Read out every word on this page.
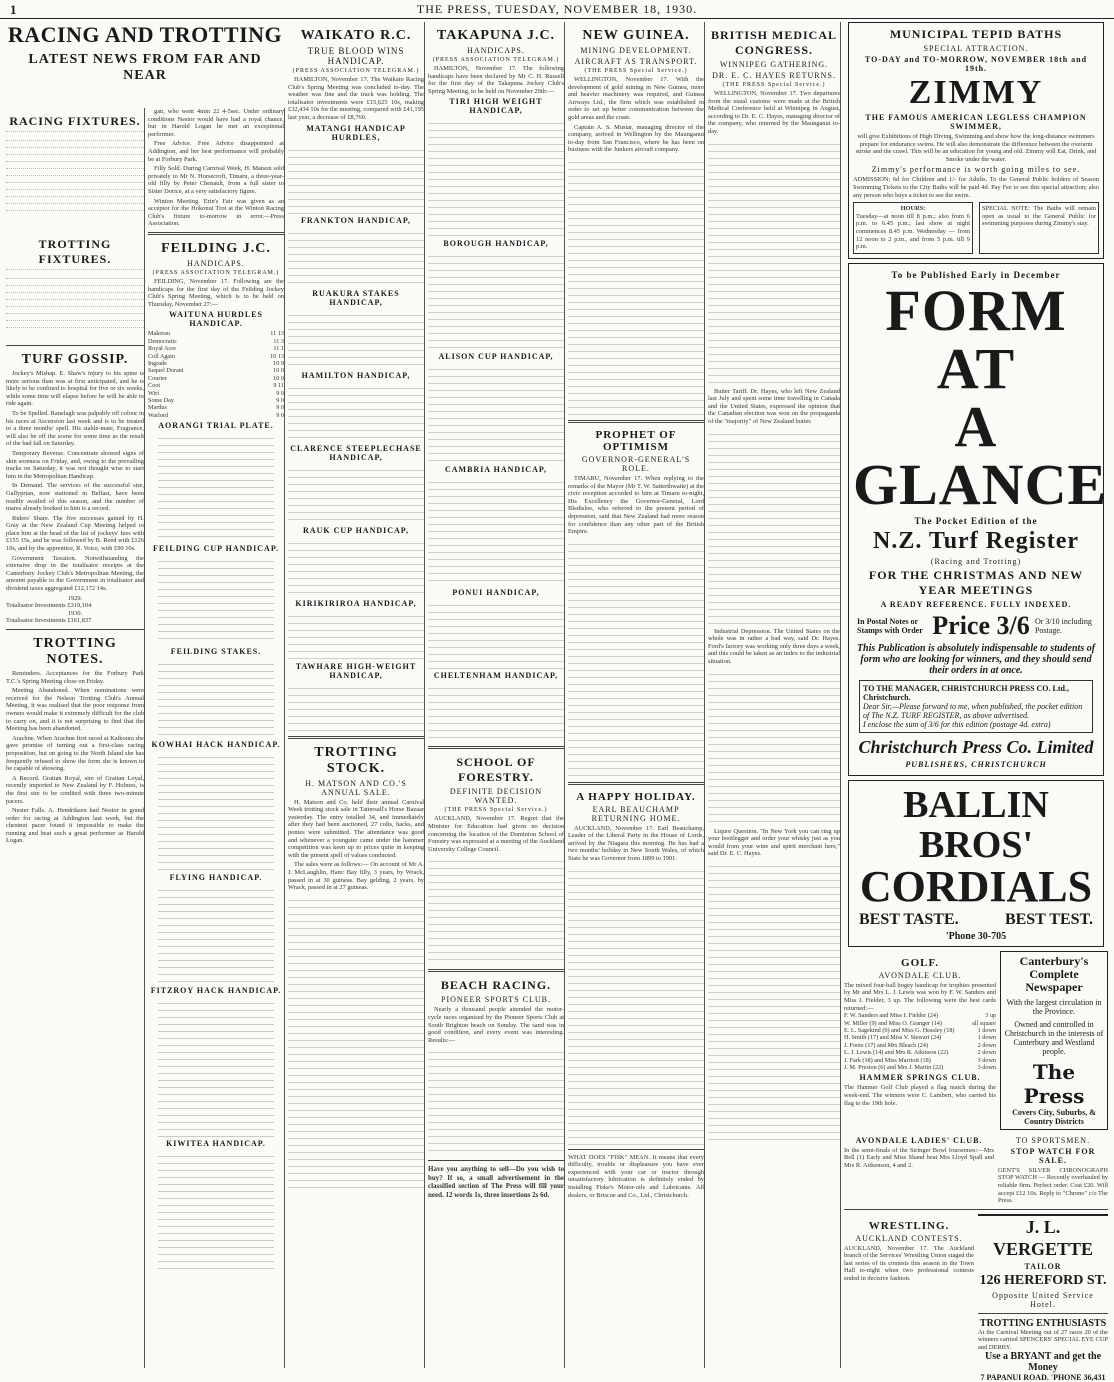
1	THE PRESS, TUESDAY, NOVEMBER 18, 1930.
RACING AND TROTTING
LATEST NEWS FROM FAR AND NEAR
RACING FIXTURES.
TROTTING FIXTURES.
TURF GOSSIP.

Jockey's Mishap. E. Shaw's injury to his spine is more serious than was at first anticipated, and he is likely to be confined to hospital for five or six weeks, while some time will elapse before he will be able to ride again.

To be Spelled. Ranelagh was palpably off colour in his races at Ascension last week and is to be treated to a three months' spell. His stable-mate, Fragrance, will also be off the scene for some time as the result of the bad fall on Saturday.

Temporary Reverse. Concentrate showed signs of skin soreness on Friday, and, owing to the prevailing tracks on Saturday, it was not thought wise to start him in the Metropolitan Handicap.

In Demand. The services of the successful sire, Gallyprian, now stationed in Belfast, have been readily availed of this season, and the number of mares already booked to him is a record.

Riders' Share. The five successes gained by H. Gray at the New Zealand Cup Meeting helped to place him at the head of the list of jockeys' fees with £155 15s, and he was followed by B. Reed with £126 10s, and by the apprentice, R. Voice, with £90 10s.

Government Taxation. Notwithstanding the extensive drop in the totalisator receipts at the Canterbury Jockey Club's Metropolitan Meeting, the amount payable to the Government in totalisator and dividend taxes aggregated £12,172 14s.

1929.
Totalisator Investments £319,104
1930.
Totalisator Investments £161,837
TROTTING NOTES.

Reminders. Acceptances for the Forbury Park T.C.'s Spring Meeting close on Friday.

Meeting Abandoned. When nominations were received for the Nelson Trotting Club's Annual Meeting, it was realised that the poor response from owners would make it extremely difficult for the club to carry on, and it is not surprising to find that the Meeting has been abandoned.

Arachne. When Arachne first raced at Kaikoura she gave promise of turning out a first-class racing proposition, but on going to the North Island she has frequently refused to show the form she is known to be capable of showing.

A Record. Grattan Royal, sire of Grattan Loyal, recently imported to New Zealand by F. Holmes, is the first sire to be credited with three two-minute pacers.

Nester Falls. A. Hendriksen had Nestor in grand order for racing at Addington last week, but the chestnut pacer found it impossible to make the running and beat such a great performer as Harold Logan.

gan, who went 4min 22 4-5sec. Under ordinary conditions Nestor would have had a royal chance, but in Harold Logan he met an exceptional performer.

Free Advice. Free Advice disappointed at Addington, and her best performance will probably be at Forbury Park.

Filly Sold. During Carnival Week, H. Matson sold privately to Mr N. Horsecroft, Timaru, a three-year-old filly by Peter Chenault, from a full sister to Sister Dorice, at a very satisfactory figure.

Winton Meeting. Erin's Fair was given as an acceptor for the Hokonui Trot at the Winton Racing Club's fixture to-morrow in error.—Press Association.

FEILDING J.C.
HANDICAPS.
(PRESS ASSOCIATION TELEGRAM.)

FEILDING, November 17. Following are the handicaps for the first day of the Feilding Jockey Club's Spring Meeting, which is to be held on Thursday, November 27:—

WAITUNA HURDLES HANDICAP.
Makerau	11 13
Democratic	11 3
Royal Acre	11 1
Coll Again	10 13
Ingrade	10 9
Sequel Dorani	10 0
Courier	10 0
Coot	9 11
Wiri	9 0
Some Day	9 0
Mardus	9 0
Warlord	9 0
AORANGI TRIAL PLATE.
FEILDING CUP HANDICAP.
FEILDING STAKES.
KOWHAI HACK HANDICAP.
FLYING HANDICAP.
FITZROY HACK HANDICAP.
KIWITEA HANDICAP.
WAIKATO R.C.
TRUE BLOOD WINS HANDICAP.
(PRESS ASSOCIATION TELEGRAM.)

HAMILTON, November 17. The Waikato Racing Club's Spring Meeting was concluded to-day. The weather was fine and the track was holding. The totalisator investments were £15,625 10s, making £32,434 10s for the meeting, compared with £41,195 last year, a decrease of £8,760.

MATANGI HANDICAP HURDLES,
FRANKTON HANDICAP,
RUAKURA STAKES HANDICAP,
HAMILTON HANDICAP,
CLARENCE STEEPLECHASE HANDICAP,
RAUK CUP HANDICAP,
KIRIKIRIROA HANDICAP,
TAWHARE HIGH-WEIGHT HANDICAP,
TROTTING STOCK.
H. MATSON AND CO.'S ANNUAL SALE.

H. Matson and Co. held their annual Carnival Week trotting stock sale in Tattersall's Horse Bazaar yesterday. The entry totalled 34, and immediately after they had been auctioned, 27 colts, hacks, and ponies were submitted. The attendance was good and whenever a youngster came under the hammer competition was keen up to prices quite in keeping with the present spell of values conducted.

The sales were as follows:— On account of Mr A. J. McLaughlin, Ham: Bay filly, 3 years, by Wrack, passed in at 30 guineas. Bay gelding, 2 years, by Wrack, passed in at 27 guineas.

TAKAPUNA J.C.
HANDICAPS.
(PRESS ASSOCIATION TELEGRAM.)

HAMILTON, November 17. The following handicaps have been declared by Mr C. H. Russell for the first day of the Takapuna Jockey Club's Spring Meeting, to be held on November 29th:—

TIRI HIGH WEIGHT HANDICAP,
BOROUGH HANDICAP,
ALISON CUP HANDICAP,
CAMBRIA HANDICAP,
PONUI HANDICAP,
CHELTENHAM HANDICAP,
SCHOOL OF FORESTRY.
DEFINITE DECISION WANTED.
(THE PRESS Special Service.)

AUCKLAND, November 17. Regret that the Minister for Education had given no decision concerning the location of the Dominion School of Forestry was expressed at a meeting of the Auckland University College Council.

BEACH RACING.
PIONEER SPORTS CLUB.

Nearly a thousand people attended the motor-cycle races organised by the Pioneer Sports Club at South Brighton beach on Sunday. The sand was in good condition, and every event was interesting. Results:—

Have you anything to sell—Do you wish to buy? If so, a small advertisement in the classified section of The Press will fill your need. 12 words 1s, three insertions 2s 6d.
NEW GUINEA.
MINING DEVELOPMENT.
AIRCRAFT AS TRANSPORT.
(THE PRESS Special Service.)

WELLINGTON, November 17. With the development of gold mining in New Guinea, more and heavier machinery was required, and Guinea Airways Ltd., the firm which was established in order to set up better communication between the gold areas and the coast.

Captain A. S. Mustar, managing director of the company, arrived in Wellington by the Maunganui to-day from San Francisco, where he has been on business with the Junkers aircraft company.

PROPHET OF OPTIMISM
GOVERNOR-GENERAL'S ROLE.

TIMARU, November 17. When replying to the remarks of the Mayor (Mr T. W. Satterthwaite) at the civic reception accorded to him at Timaru to-night, His Excellency the Governor-General, Lord Bledisloe, who referred to the present period of depression, said that New Zealand had more reason for confidence than any other part of the British Empire.

A HAPPY HOLIDAY.
EARL BEAUCHAMP RETURNING HOME.

AUCKLAND, November 17. Earl Beauchamp, Leader of the Liberal Party in the House of Lords, arrived by the Niagara this morning. He has had a two months' holiday in New South Wales, of which State he was Governor from 1899 to 1901.

WHAT DOES "FISK" MEAN. It means that every difficulty, trouble or displeasure you have ever experienced with your car or tractor through unsatisfactory lubrication is definitely ended by installing Fiske's Motor-oils and Lubricants. All dealers, or Briscoe and Co., Ltd., Christchurch.
BRITISH MEDICAL CONGRESS.
WINNIPEG GATHERING.
DR. E. C. HAYES RETURNS.
(THE PRESS Special Service.)

WELLINGTON, November 17. Two departures from the usual customs were made at the British Medical Conference held at Winnipeg in August, according to Dr. E. C. Hayes, managing director of the company, who returned by the Maunganui to-day.

Butter Tariff. Dr. Hayes, who left New Zealand last July and spent some time travelling in Canada and the United States, expressed the opinion that the Canadian election was won on the propaganda of the "majority" of New Zealand butter.

Industrial Depression. The United States on the whole was in rather a bad way, said Dr. Hayes. Ford's factory was working only three days a week, and this could be taken as an index to the industrial situation.

Liquor Question. "In New York you can ring up your bootlegger and order your whisky just as you would from your wine and spirit merchant here," said Dr. E. C. Hayes.

MUNICIPAL TEPID BATHS
SPECIAL ATTRACTION.
TO-DAY and TO-MORROW, NOVEMBER 18th and 19th.
ZIMMY
THE FAMOUS AMERICAN LEGLESS CHAMPION SWIMMER,
will give Exhibitions of High Diving, Swimming and show how the long-distance swimmers prepare for endurance swims. He will also demonstrate the difference between the overarm stroke and the crawl. This will be an education for young and old. Zimmy will Eat, Drink, and Smoke under the water.
Zimmy's performance is worth going miles to see.
ADMISSION: 6d for Children and 1/- for Adults. To the General Public holders of Season Swimming Tickets to the City Baths will be paid 4d. Pay Fee to see this special attraction; also any person who buys a ticket to see the swim.
HOURS:
Tuesday—at noon till 8 p.m.; also from 6 p.m. to 6.45 p.m.; last show at night commences 8.45 p.m. Wednesday — from 12 noon to 2 p.m., and from 5 p.m. till 9 p.m.
SPECIAL NOTE: The Baths will remain open as usual to the General Public for swimming purposes during Zimmy's stay.
To be Published Early in December
FORM AT
A GLANCE
The Pocket Edition of the
N.Z. Turf Register
(Racing and Trotting)
FOR THE CHRISTMAS AND NEW YEAR MEETINGS
A READY REFERENCE. FULLY INDEXED.
In Postal Notes or Stamps with Order Price 3/6 Or 3/10 including Postage.
This Publication is absolutely indispensable to students of form who are looking for winners, and they should send their orders in at once.
TO THE MANAGER, CHRISTCHURCH PRESS CO. Ltd., Christchurch.
Dear Sir,—Please forward to me, when published, the pocket edition of The N.Z. TURF REGISTER, as above advertised.
I enclose the sum of 3/6 for this edition (postage 4d. extra)
Christchurch Press Co. Limited
PUBLISHERS, CHRISTCHURCH
BALLIN BROS'
CORDIALS
BEST TASTE.	BEST TEST.
'Phone 30-705
GOLF.
AVONDALE CLUB.
The mixed four-ball bogey handicap for trophies presented by Mr and Mrs L. J. Lewis was won by F. W. Sanders and Miss I. Fielder, 3 up. The following were the best cards returned:—
F. W. Sanders and Miss I. Fielder (24)	3 up
W. Miller (9) and Miss O. Granger (14)	all square
E. L. Sagekind (9) and Miss G. Heasley (18)	1 down
H. Smith (17) and Miss V. Stewart (24)	1 down
J. Foote (17) and Mrs Bleach (24)	2 down
L. J. Lewis (14) and Mrs R. Atkinson (22)	2 down
J. Fark (18) and Miss Marriott (18)	3 down
J. M. Preston (6) and Mrs J. Martin (22)	3 down
HAMMER SPRINGS CLUB.
The Hanmer Golf Club played a flag match during the week-end. The winners were C. Lambert, who carried his flag to the 19th hole.
Canterbury's Complete Newspaper
With the largest circulation in the Province.
Owned and controlled in Christchurch in the interests of Canterbury and Westland people.
The Press
Covers City, Suburbs, & Country Districts
AVONDALE LADIES' CLUB.
In the semi-finals of the Stringer Bowl foursomes:—Mrs Bell (1) Early and Miss Shand beat Mrs Lloyd Spall and Mrs R. Aitkenson, 4 and 2.
TO SPORTSMEN.
STOP WATCH FOR SALE.
GENT'S SILVER CHRONOGRAPH STOP WATCH — Recently overhauled by reliable firm. Perfect order. Cost £20. Will accept £12 10s. Reply to "Chrono" c/o The Press.
WRESTLING.
AUCKLAND CONTESTS.
AUCKLAND, November 17. The Auckland branch of the Services' Wrestling Union staged the last series of its contests this season in the Town Hall to-night when two professional contests ended in decisive fashion.
J. L. VERGETTE
TAILOR
126 HEREFORD ST.
Opposite United Service Hotel.
TROTTING ENTHUSIASTS
At the Carnival Meeting out of 27 races 20 of the winners carried SPENCERS' SPECIAL EYE CUP and DERBY.
Use a BRYANT and get the Money
7 PAPANUI ROAD. 'PHONE 36,431
